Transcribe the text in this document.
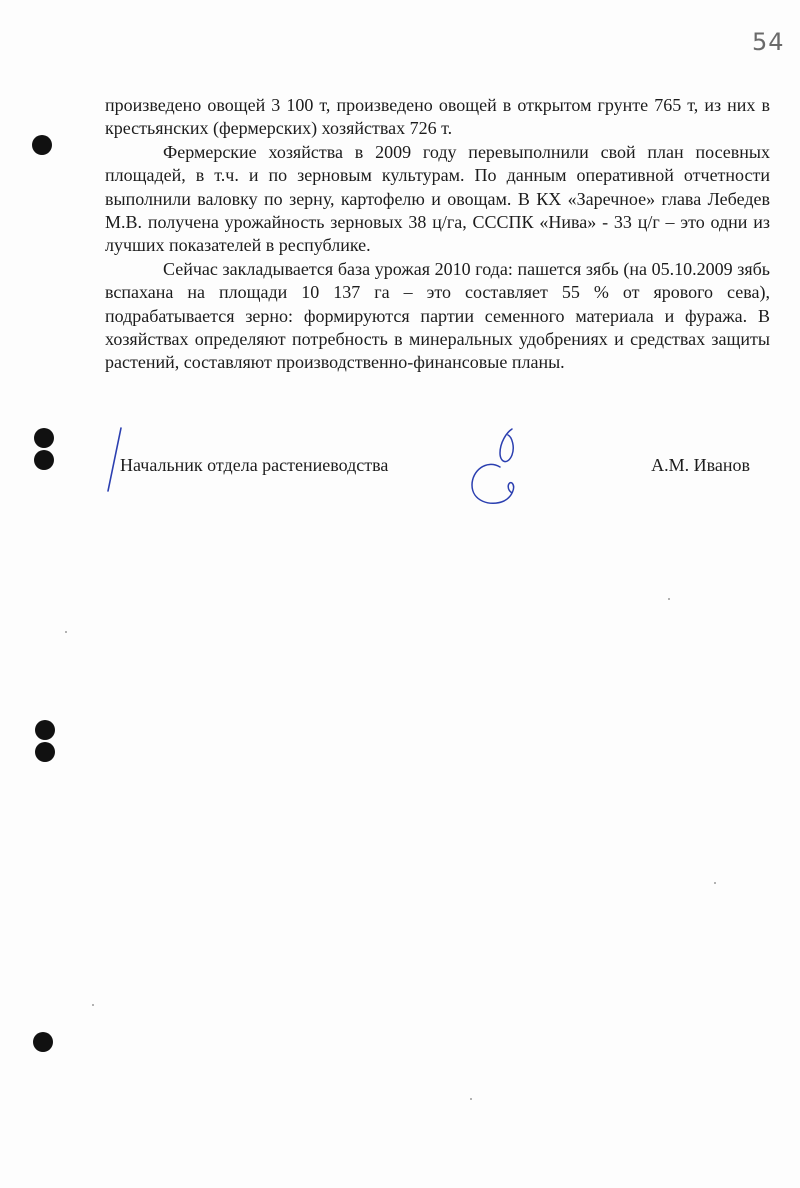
54

произведено овощей 3 100 т, произведено овощей в открытом грунте 765 т, из них в крестьянских (фермерских) хозяйствах 726 т.

Фермерские хозяйства в 2009 году перевыполнили свой план посевных площадей, в т.ч. и по зерновым культурам. По данным оперативной отчетности выполнили валовку по зерну, картофелю и овощам. В КХ «Заречное» глава Лебедев М.В. получена урожайность зерновых 38 ц/га, СССПК «Нива» - 33 ц/г – это одни из лучших показателей в республике.

Сейчас закладывается база урожая 2010 года: пашется зябь (на 05.10.2009 зябь вспахана на площади 10 137 га – это составляет 55 % от ярового сева), подрабатывается зерно: формируются партии семенного материала и фуража. В хозяйствах определяют потребность в минеральных удобрениях и средствах защиты растений, составляют производственно-финансовые планы.

Начальник отдела растениеводства	А.М. Иванов
